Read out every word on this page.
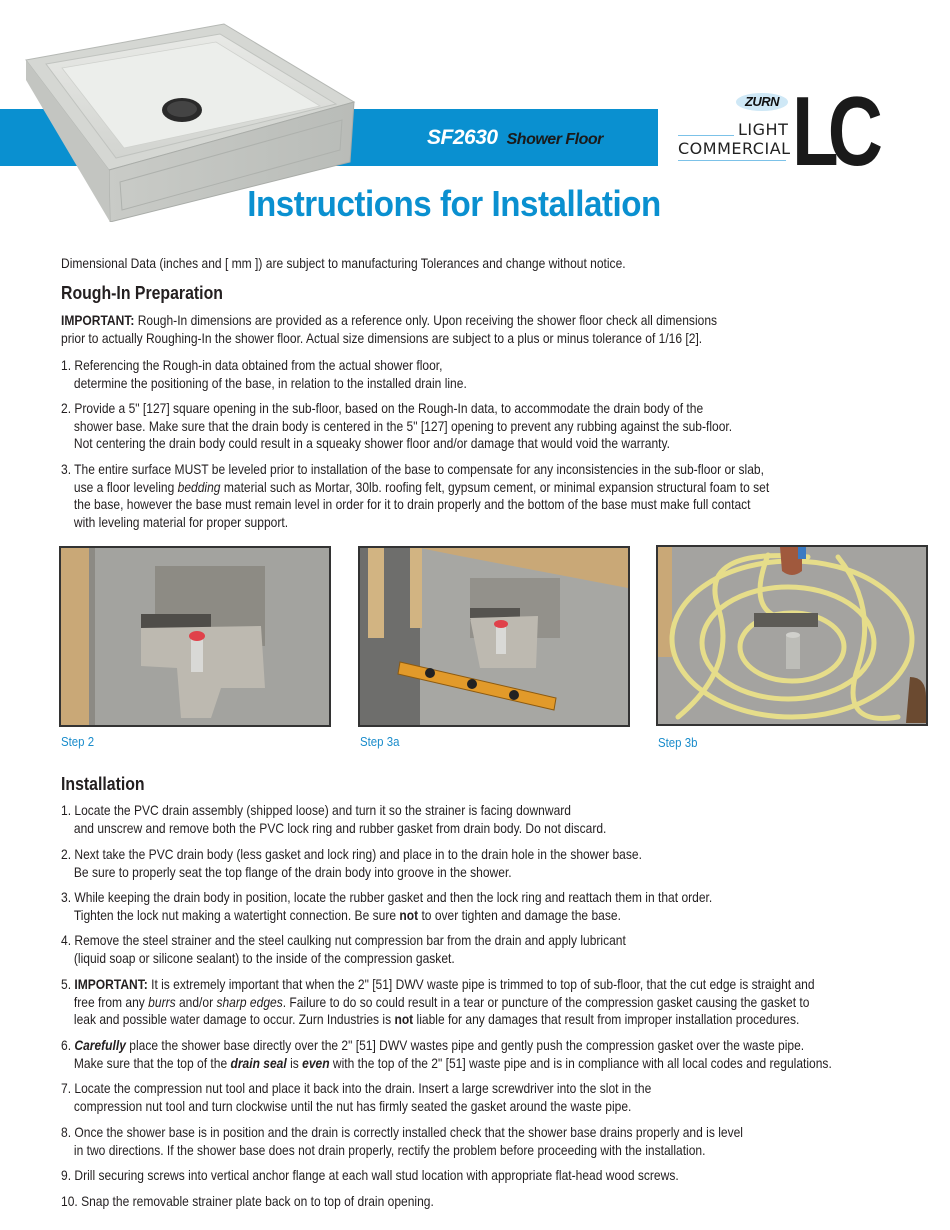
SF2630 Shower Floor
ZURN
LIGHT
COMMERCIAL LC
Instructions for Installation
Dimensional Data (inches and [ mm ]) are subject to manufacturing Tolerances and change without notice.
Rough-In Preparation
IMPORTANT: Rough-In dimensions are provided as a reference only. Upon receiving the shower floor check all dimensions
prior to actually Roughing-In the shower floor. Actual size dimensions are subject to a plus or minus tolerance of 1/16 [2].
1. Referencing the Rough-in data obtained from the actual shower floor,
determine the positioning of the base, in relation to the installed drain line.
2. Provide a 5" [127] square opening in the sub-floor, based on the Rough-In data, to accommodate the drain body of the
shower base. Make sure that the drain body is centered in the 5" [127] opening to prevent any rubbing against the sub-floor.
Not centering the drain body could result in a squeaky shower floor and/or damage that would void the warranty.
3. The entire surface MUST be leveled prior to installation of the base to compensate for any inconsistencies in the sub-floor or slab,
use a floor leveling bedding material such as Mortar, 30lb. roofing felt, gypsum cement, or minimal expansion structural foam to set
the base, however the base must remain level in order for it to drain properly and the bottom of the base must make full contact
with leveling material for proper support.
Step 2	Step 3a	Step 3b
Installation
1. Locate the PVC drain assembly (shipped loose) and turn it so the strainer is facing downward
and unscrew and remove both the PVC lock ring and rubber gasket from drain body. Do not discard.
2. Next take the PVC drain body (less gasket and lock ring) and place in to the drain hole in the shower base.
Be sure to properly seat the top flange of the drain body into groove in the shower.
3. While keeping the drain body in position, locate the rubber gasket and then the lock ring and reattach them in that order.
Tighten the lock nut making a watertight connection. Be sure not to over tighten and damage the base.
4. Remove the steel strainer and the steel caulking nut compression bar from the drain and apply lubricant
(liquid soap or silicone sealant) to the inside of the compression gasket.
5. IMPORTANT: It is extremely important that when the 2" [51] DWV waste pipe is trimmed to top of sub-floor, that the cut edge is straight and
free from any burrs and/or sharp edges. Failure to do so could result in a tear or puncture of the compression gasket causing the gasket to
leak and possible water damage to occur. Zurn Industries is not liable for any damages that result from improper installation procedures.
6. Carefully place the shower base directly over the 2" [51] DWV wastes pipe and gently push the compression gasket over the waste pipe.
Make sure that the top of the drain seal is even with the top of the 2" [51] waste pipe and is in compliance with all local codes and regulations.
7. Locate the compression nut tool and place it back into the drain. Insert a large screwdriver into the slot in the
compression nut tool and turn clockwise until the nut has firmly seated the gasket around the waste pipe.
8. Once the shower base is in position and the drain is correctly installed check that the shower base drains properly and is level
in two directions. If the shower base does not drain properly, rectify the problem before proceeding with the installation.
9. Drill securing screws into vertical anchor flange at each wall stud location with appropriate flat-head wood screws.
10. Snap the removable strainer plate back on to top of drain opening.
